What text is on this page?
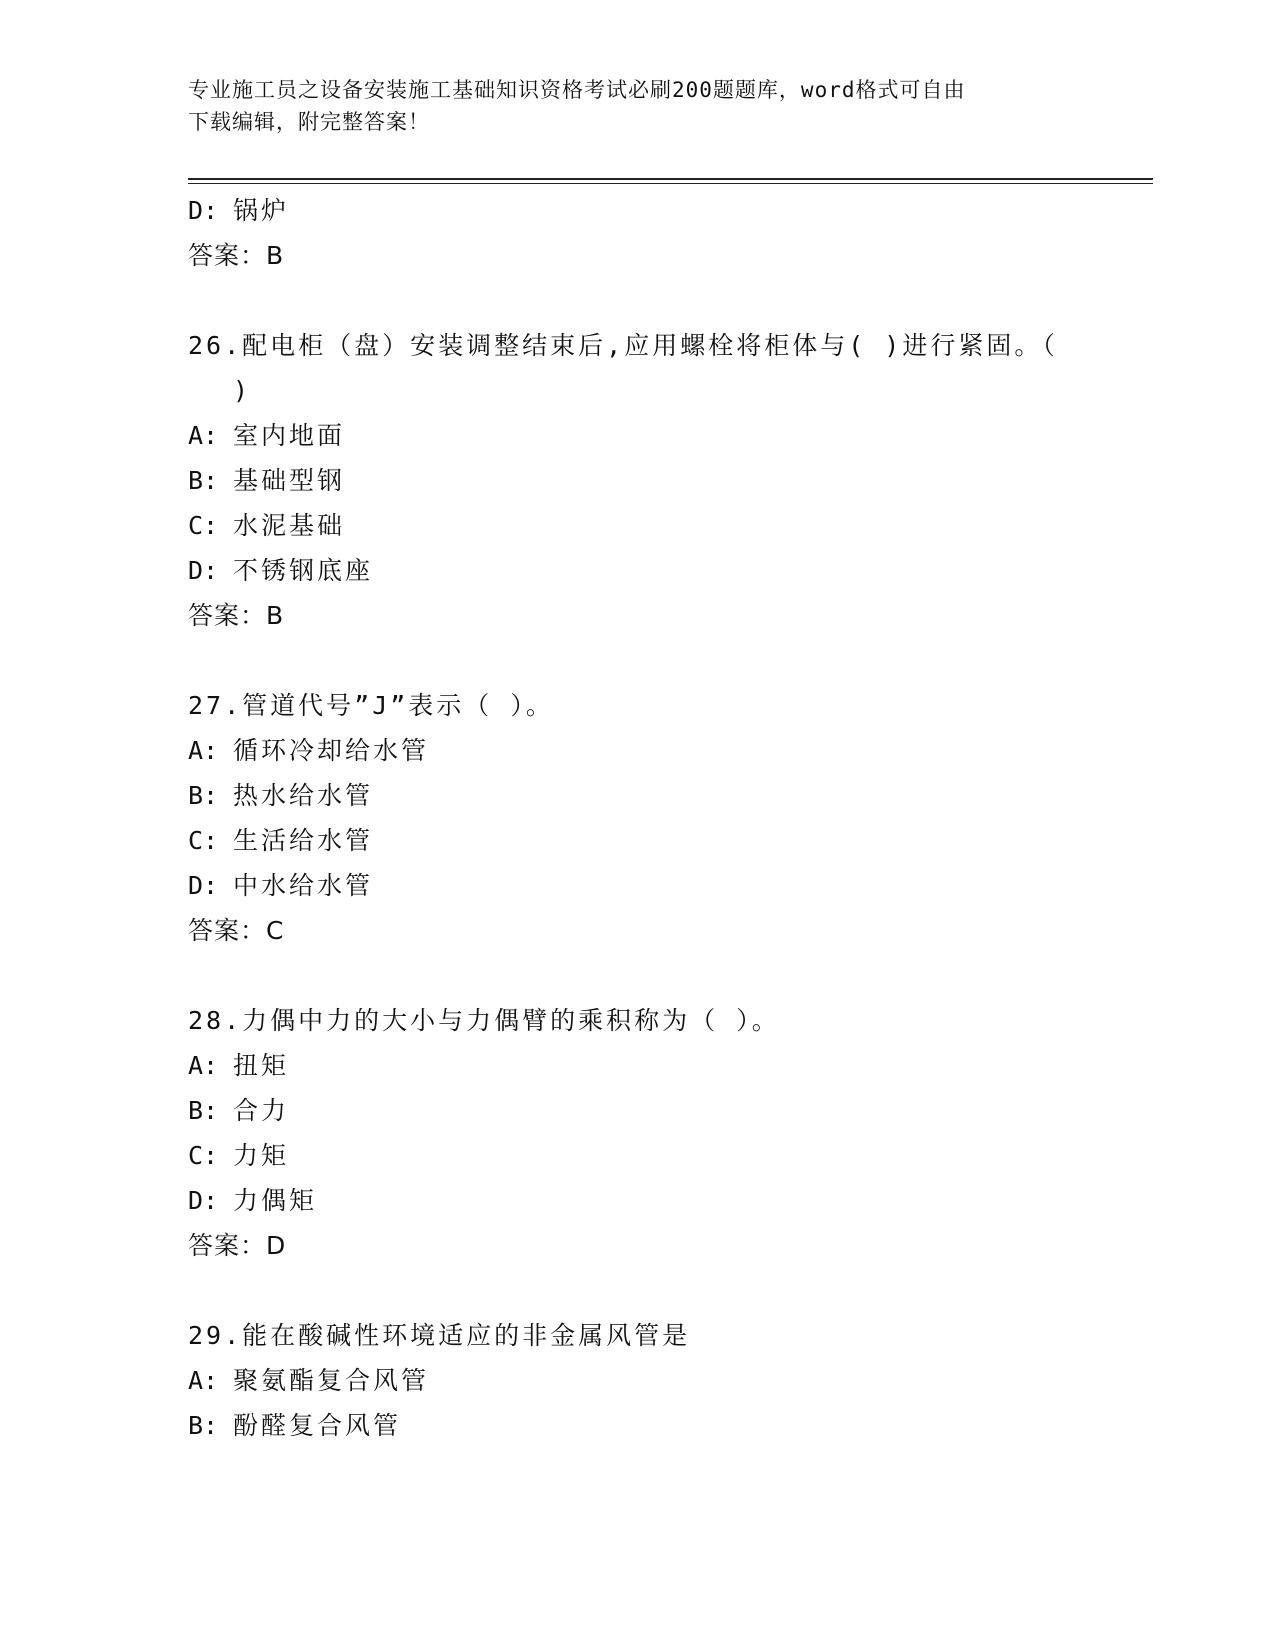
专业施工员之设备安装施工基础知识资格考试必刷200题题库，word格式可自由
下载编辑，附完整答案！
D: 锅炉
答案：B
26.配电柜（盘）安装调整结束后,应用螺栓将柜体与( )进行紧固。（
)
A: 室内地面
B: 基础型钢
C: 水泥基础
D: 不锈钢底座
答案：B
27.管道代号”J”表示（ ）。
A: 循环冷却给水管
B: 热水给水管
C: 生活给水管
D: 中水给水管
答案：C
28.力偶中力的大小与力偶臂的乘积称为（ ）。
A: 扭矩
B: 合力
C: 力矩
D: 力偶矩
答案：D
29.能在酸碱性环境适应的非金属风管是
A: 聚氨酯复合风管
B: 酚醛复合风管
